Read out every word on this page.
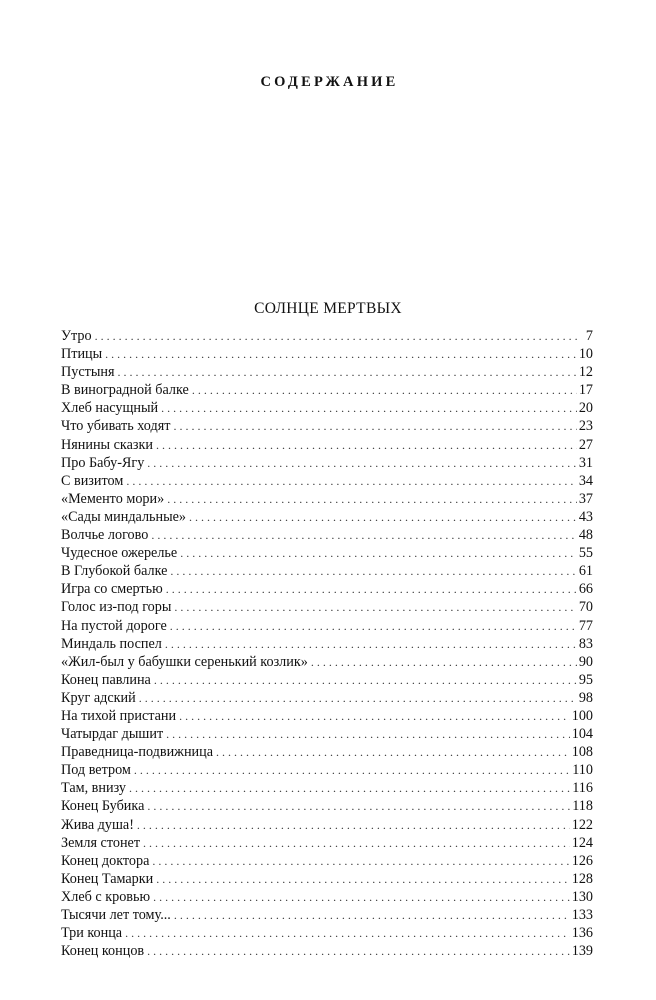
СОДЕРЖАНИЕ
СОЛНЦЕ МЕРТВЫХ
Утро . . .	7
Птицы . . .	10
Пустыня . . .	12
В виноградной балке . . .	17
Хлеб насущный . . .	20
Что убивать ходят . . .	23
Нянины сказки . . .	27
Про Бабу-Ягу . . .	31
С визитом . . .	34
«Мементо мори» . . .	37
«Сады миндальные» . . .	43
Волчье логово . . .	48
Чудесное ожерелье . . .	55
В Глубокой балке . . .	61
Игра со смертью . . .	66
Голос из-под горы . . .	70
На пустой дороге . . .	77
Миндаль поспел . . .	83
«Жил-был у бабушки серенький козлик» . . .	90
Конец павлина . . .	95
Круг адский . . .	98
На тихой пристани . . .	100
Чатырдаг дышит . . .	104
Праведница-подвижница . . .	108
Под ветром . . .	110
Там, внизу . . .	116
Конец Бубика . . .	118
Жива душа! . . .	122
Земля стонет . . .	124
Конец доктора . . .	126
Конец Тамарки . . .	128
Хлеб с кровью . . .	130
Тысячи лет тому... . . .	133
Три конца . . .	136
Конец концов . . .	139
